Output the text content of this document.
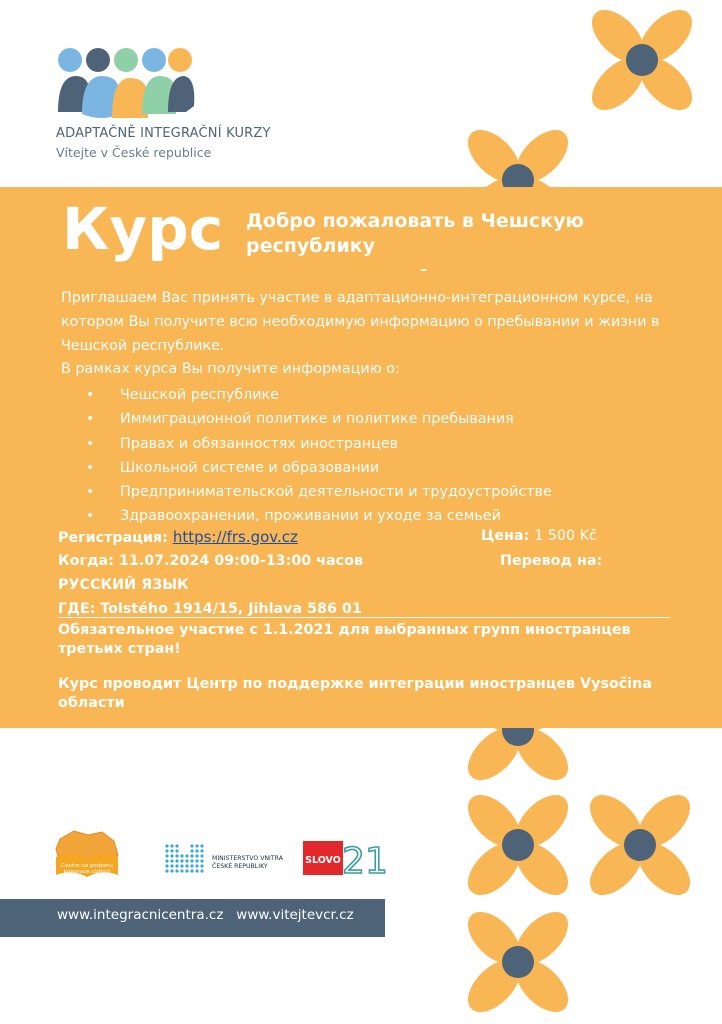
ADAPTAČNĚ INTEGRAČNÍ KURZY
Vítejte v České republice
Курс Добро пожаловать в Чешскую республику
–

Приглашаем Вас принять участие в адаптационно-интеграционном курсе, на котором Вы получите всю необходимую информацию о пребывании и жизни в Чешской республике.

В рамках курса Вы получите информацию о:

• Чешской республике
• Иммиграционной политике и политике пребывания
• Правах и обязанностях иностранцев
• Школьной системе и образовании
• Предпринимательской деятельности и трудоустройстве
• Здравоохранении, проживании и уходе за семьей
Регистрация: https://frs.gov.cz	Цена: 1 500 Kč
Когда: 11.07.2024 09:00-13:00 часов	Перевод на:
РУССКИЙ ЯЗЫК
ГДЕ: Tolstého 1914/15, Jihlava 586 01
Обязательное участие с 1.1.2021 для выбранных групп иностранцев третьих стран!
Курс проводит Центр по поддержке интеграции иностранцев Vysočina области
Centre na podporu
integrace cizinců
MINISTERSTVO VNITRA
ČESKÉ REPUBLIKY
SLOVO 21
www.integracnicentra.cz   www.vitejtevcr.cz
